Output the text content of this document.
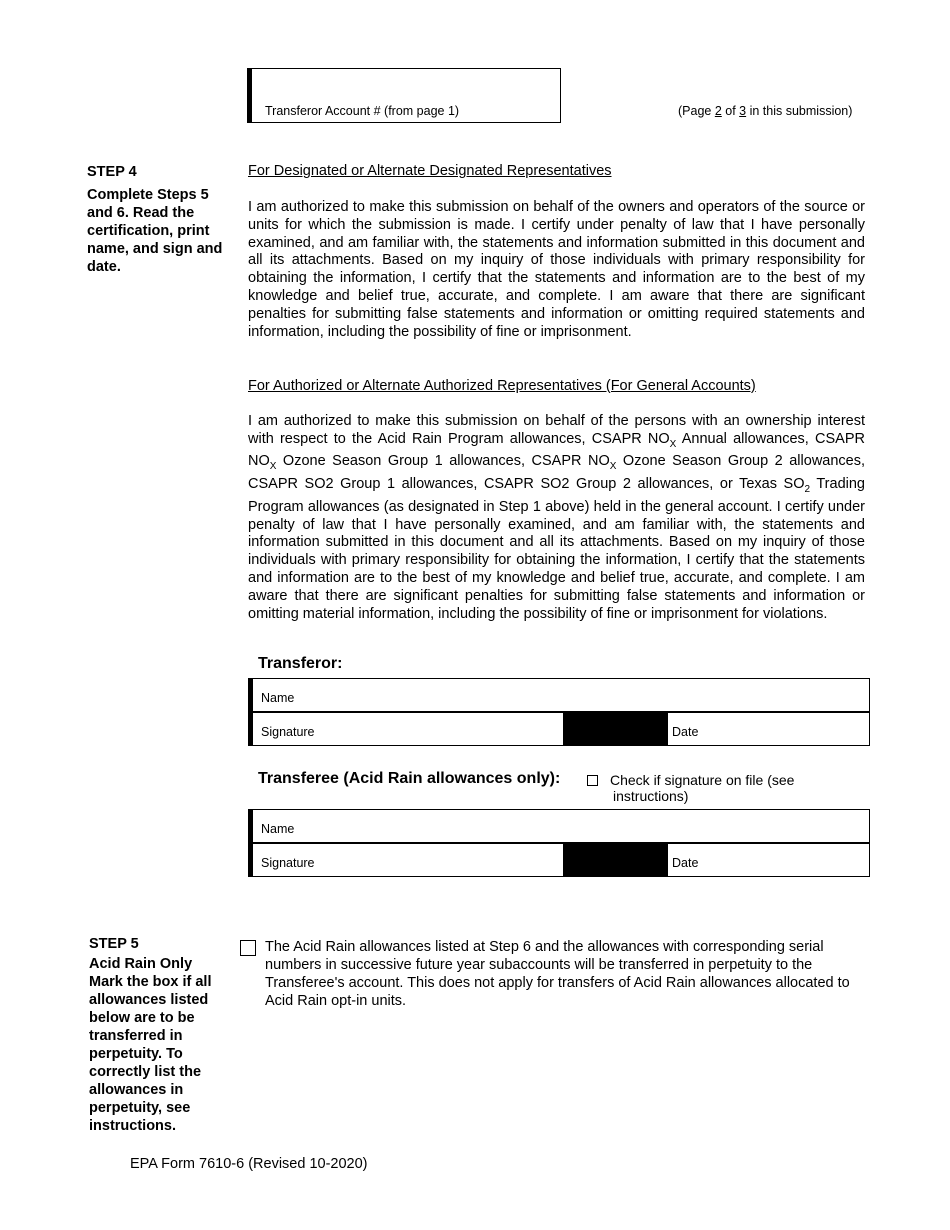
Transferor Account # (from page 1)	(Page 2 of 3 in this submission)
STEP 4
Complete Steps 5 and 6. Read the certification, print name, and sign and date.
For Designated or Alternate Designated Representatives
I am authorized to make this submission on behalf of the owners and operators of the source or units for which the submission is made. I certify under penalty of law that I have personally examined, and am familiar with, the statements and information submitted in this document and all its attachments. Based on my inquiry of those individuals with primary responsibility for obtaining the information, I certify that the statements and information are to the best of my knowledge and belief true, accurate, and complete. I am aware that there are significant penalties for submitting false statements and information or omitting required statements and information, including the possibility of fine or imprisonment.
For Authorized or Alternate Authorized Representatives (For General Accounts)
I am authorized to make this submission on behalf of the persons with an ownership interest with respect to the Acid Rain Program allowances, CSAPR $NO_X$ Annual allowances, CSAPR $NO_X$ Ozone Season Group 1 allowances, CSAPR $NO_X$ Ozone Season Group 2 allowances, CSAPR SO2 Group 1 allowances, CSAPR SO2 Group 2 allowances, or Texas $SO_2$ Trading Program allowances (as designated in Step 1 above) held in the general account. I certify under penalty of law that I have personally examined, and am familiar with, the statements and information submitted in this document and all its attachments. Based on my inquiry of those individuals with primary responsibility for obtaining the information, I certify that the statements and information are to the best of my knowledge and belief true, accurate, and complete. I am aware that there are significant penalties for submitting false statements and information or omitting material information, including the possibility of fine or imprisonment for violations.
Transferor:
Name
Signature	Date
Transferee (Acid Rain allowances only):	Check if signature on file (see
instructions)
Name
Signature	Date
STEP 5
Acid Rain Only Mark the box if all allowances listed below are to be transferred in perpetuity. To correctly list the allowances in perpetuity, see instructions.
The Acid Rain allowances listed at Step 6 and the allowances with corresponding serial numbers in successive future year subaccounts will be transferred in perpetuity to the Transferee's account. This does not apply for transfers of Acid Rain allowances allocated to Acid Rain opt-in units.
EPA Form 7610-6 (Revised 10-2020)
